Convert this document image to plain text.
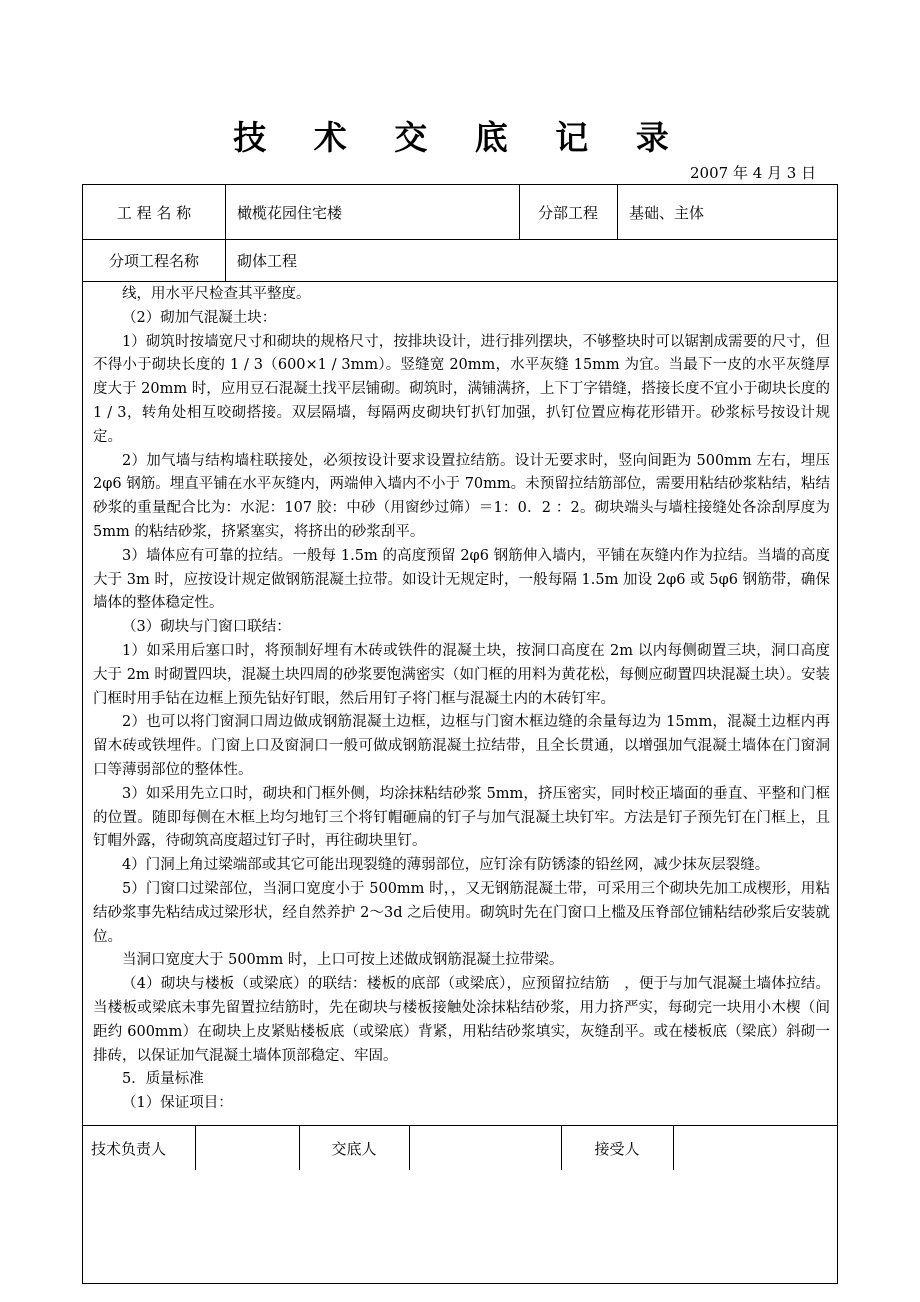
技 术 交 底 记 录
2007 年 4 月 3 日
工 程 名 称	橄榄花园住宅楼	分部工程	基础、主体
分项工程名称	砌体工程

线，用水平尺检查其平整度。

（2）砌加气混凝土块：

1）砌筑时按墙宽尺寸和砌块的规格尺寸，按排块设计，进行排列摆块，不够整块时可以锯割成需要的尺寸，但不得小于砌块长度的 1 / 3（600×1 / 3mm）。竖缝宽 20mm，水平灰缝 15mm 为宜。当最下一皮的水平灰缝厚度大于 20mm 时，应用豆石混凝土找平层铺砌。砌筑时，满铺满挤，上下丁字错缝，搭接长度不宜小于砌块长度的 1 / 3，转角处相互咬砌搭接。双层隔墙，每隔两皮砌块钉扒钉加强，扒钉位置应梅花形错开。砂浆标号按设计规定。

2）加气墙与结构墙柱联接处，必须按设计要求设置拉结筋。设计无要求时，竖向间距为 500mm 左右，埋压 2φ6 钢筋。埋直平铺在水平灰缝内，两端伸入墙内不小于 70mm。未预留拉结筋部位，需要用粘结砂浆粘结，粘结砂浆的重量配合比为：水泥：107 胶：中砂（用窗纱过筛）＝1：0．2 ：2。砌块端头与墙柱接缝处各涂刮厚度为 5mm 的粘结砂浆，挤紧塞实，将挤出的砂浆刮平。

3）墙体应有可靠的拉结。一般每 1.5m 的高度预留 2φ6 钢筋伸入墙内，平铺在灰缝内作为拉结。当墙的高度大于 3m 时，应按设计规定做钢筋混凝土拉带。如设计无规定时，一般每隔 1.5m 加设 2φ6 或 5φ6 钢筋带，确保墙体的整体稳定性。

（3）砌块与门窗口联结：

1）如采用后塞口时，将预制好埋有木砖或铁件的混凝土块，按洞口高度在 2m 以内每侧砌置三块，洞口高度大于 2m 时砌置四块，混凝土块四周的砂浆要饱满密实（如门框的用料为黄花松，每侧应砌置四块混凝土块）。安装门框时用手钻在边框上预先钻好钉眼，然后用钉子将门框与混凝土内的木砖钉牢。

2）也可以将门窗洞口周边做成钢筋混凝土边框，边框与门窗木框边缝的余量每边为 15mm，混凝土边框内再留木砖或铁埋件。门窗上口及窗洞口一般可做成钢筋混凝土拉结带，且全长贯通，以增强加气混凝土墙体在门窗洞口等薄弱部位的整体性。

3）如采用先立口时，砌块和门框外侧，均涂抹粘结砂浆 5mm，挤压密实，同时校正墙面的垂直、平整和门框的位置。随即每侧在木框上均匀地钉三个将钉帽砸扁的钉子与加气混凝土块钉牢。方法是钉子预先钉在门框上，且钉帽外露，待砌筑高度超过钉子时，再往砌块里钉。

4）门洞上角过梁端部或其它可能出现裂缝的薄弱部位，应钉涂有防锈漆的铅丝网，减少抹灰层裂缝。

5）门窗口过梁部位，当洞口宽度小于 500mm 时，，又无钢筋混凝土带，可采用三个砌块先加工成楔形，用粘结砂浆事先粘结成过梁形状，经自然养护 2～3d 之后使用。砌筑时先在门窗口上槛及压脊部位铺粘结砂浆后安装就位。

当洞口宽度大于 500mm 时，上口可按上述做成钢筋混凝土拉带梁。

（4）砌块与楼板（或梁底）的联结：楼板的底部（或梁底），应预留拉结筋　，便于与加气混凝土墙体拉结。当楼板或梁底未事先留置拉结筋时，先在砌块与楼板接触处涂抹粘结砂浆，用力挤严实，每砌完一块用小木楔（间距约 600mm）在砌块上皮紧贴楼板底（或梁底）背紧，用粘结砂浆填实，灰缝刮平。或在楼板底（梁底）斜砌一排砖，以保证加气混凝土墙体顶部稳定、牢固。

5．质量标准

（1）保证项目：

技术负责人	交底人	接受人
